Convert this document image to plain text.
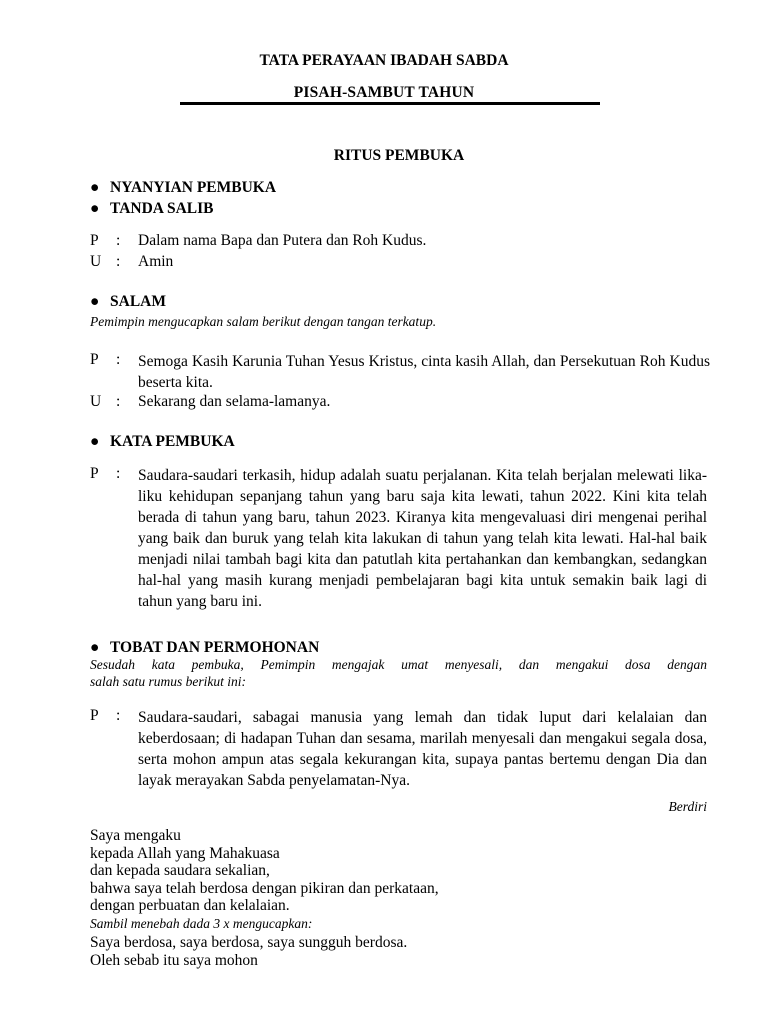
TATA PERAYAAN IBADAH SABDA
PISAH-SAMBUT TAHUN
RITUS PEMBUKA
● NYANYIAN PEMBUKA
● TANDA SALIB
P : Dalam nama Bapa dan Putera dan Roh Kudus.
U : Amin
● SALAM
Pemimpin mengucapkan salam berikut dengan tangan terkatup.
P : Semoga Kasih Karunia Tuhan Yesus Kristus, cinta kasih Allah, dan Persekutuan Roh Kudus beserta kita.
U : Sekarang dan selama-lamanya.
● KATA PEMBUKA
P : Saudara-saudari terkasih, hidup adalah suatu perjalanan. Kita telah berjalan melewati lika-liku kehidupan sepanjang tahun yang baru saja kita lewati, tahun 2022. Kini kita telah berada di tahun yang baru, tahun 2023. Kiranya kita mengevaluasi diri mengenai perihal yang baik dan buruk yang telah kita lakukan di tahun yang telah kita lewati. Hal-hal baik menjadi nilai tambah bagi kita dan patutlah kita pertahankan dan kembangkan, sedangkan hal-hal yang masih kurang menjadi pembelajaran bagi kita untuk semakin baik lagi di tahun yang baru ini.
● TOBAT DAN PERMOHONAN
Sesudah kata pembuka, Pemimpin mengajak umat menyesali, dan mengakui dosa dengan
salah satu rumus berikut ini:
P : Saudara-saudari, sabagai manusia yang lemah dan tidak luput dari kelalaian dan keberdosaan; di hadapan Tuhan dan sesama, marilah menyesali dan mengakui segala dosa, serta mohon ampun atas segala kekurangan kita, supaya pantas bertemu dengan Dia dan layak merayakan Sabda penyelamatan-Nya.
Berdiri
Saya mengaku
kepada Allah yang Mahakuasa
dan kepada saudara sekalian,
bahwa saya telah berdosa dengan pikiran dan perkataan,
dengan perbuatan dan kelalaian.
Sambil menebah dada 3 x mengucapkan:
Saya berdosa, saya berdosa, saya sungguh berdosa.
Oleh sebab itu saya mohon
